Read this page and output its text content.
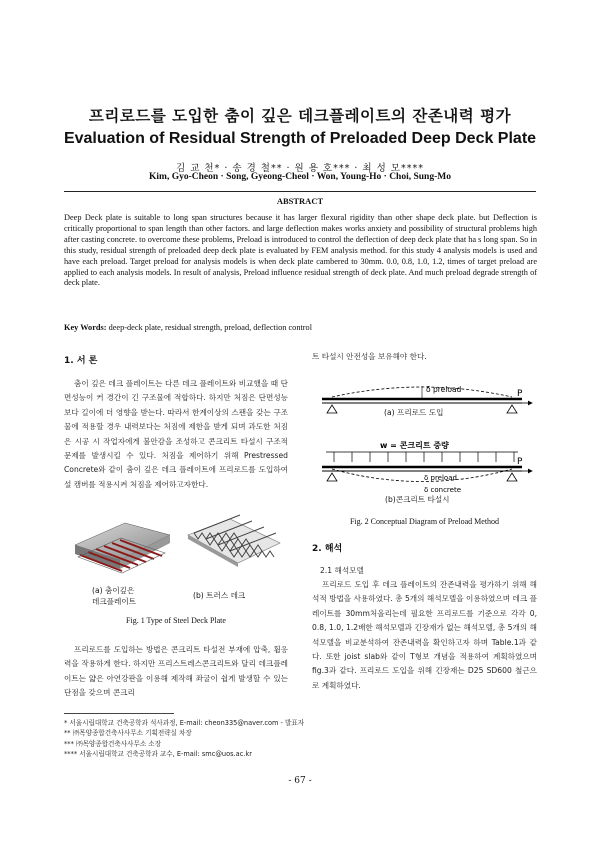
프리로드를 도입한 춤이 깊은 데크플레이트의 잔존내력 평가
Evaluation of Residual Strength of Preloaded Deep Deck Plate
김 교 천* · 송 경 철** · 원 용 호*** · 최 성 모****
Kim, Gyo-Cheon · Song, Gyeong-Cheol · Won, Young-Ho · Choi, Sung-Mo
ABSTRACT
Deep Deck plate is suitable to long span structures because it has larger flexural rigidity than other shape deck plate. but Deflection is critically proportional to span length than other factors. and large deflection makes works anxiety and possibility of structural problems high after casting concrete. to overcome these problems, Preload is introduced to control the deflection of deep deck plate that ha s long span. So in this study, residual strength of preloaded deep deck plate is evaluated by FEM analysis method. for this study 4 analysis models is used and have each preload. Target preload for analysis models is when deck plate cambered to 30mm. 0.0, 0.8, 1.0, 1.2, times of target preload are applied to each analysis models. In result of analysis, Preload influence residual strength of deck plate. And much preload degrade strength of deck plate.
Key Words: deep-deck plate, residual strength, preload, deflection control
1. 서 론
춤이 깊은 데크 플레이트는 다른 데크 플레이트와 비교했을 때 단면성능이 커 경간이 긴 구조물에 적합하다. 하지만 처짐은 단면성능보다 길이에 더 영향을 받는다. 따라서 한계이상의 스팬을 갖는 구조물에 적용할 경우 내력보다는 처짐에 제한을 받게 되며 과도한 처짐은 시공 시 작업자에게 불안감을 조성하고 콘크리트 타설시 구조적 문제를 발생시킬 수 있다. 처짐을 제어하기 위해 Prestressed Concrete와 같이 춤이 깊은 데크 플레이트에 프리로드를 도입하여 설 캠버를 적용시켜 처짐을 제어하고자한다.
(a) 춤이깊은
데크플레이트
(b) 트러스 데크
Fig. 1 Type of Steel Deck Plate
프리로드를 도입하는 방법은 콘크리트 타설전 부재에 압축, 휨응력을 작용하게 한다. 하지만 프리스트레스콘크리트와 달리 데크플레이트는 얇은 아연강판을 이용해 제작해 좌굴이 쉽게 발생할 수 있는 단점을 갖으며 콘크리
* 서울시립대학교 건축공학과 석사과정, E-mail: cheon335@naver.com - 발표자
** ㈜목양종합건축사사무소 기획전략실 차장
*** ㈜목양종합건축사사무소 소장
**** 서울시립대학교 건축공학과 교수, E-mail: smc@uos.ac.kr
트 타설시 안전성을 보유해야 한다.
δ preload	P
w = 콘크리트 중량
P
δ preload
δ concrete
(a) 프리로드 도입
(b)콘크리트 타설시
Fig. 2 Conceptual Diagram of Preload Method
2. 해석
2.1 해석모델
프리로드 도입 후 데크 플레이트의 잔존내력을 평가하기 위해 해석적 방법을 사용하였다. 총 5개의 해석모델을 이용하였으며 데크 플레이트를 30mm처올리는데 필요한 프리로드를 기준으로 각각 0, 0.8, 1.0, 1.2배한 해석모델과 긴장재가 없는 해석모델, 총 5개의 해석모델을 비교분석하여 잔존내력을 확인하고자 하며 Table.1과 같다. 또한 joist slab와 같이 T형보 개념을 적용하여 계획하였으며 fig.3과 같다. 프리로드 도입을 위해 긴장재는 D25 SD600 철근으로 계획하였다.
- 67 -
